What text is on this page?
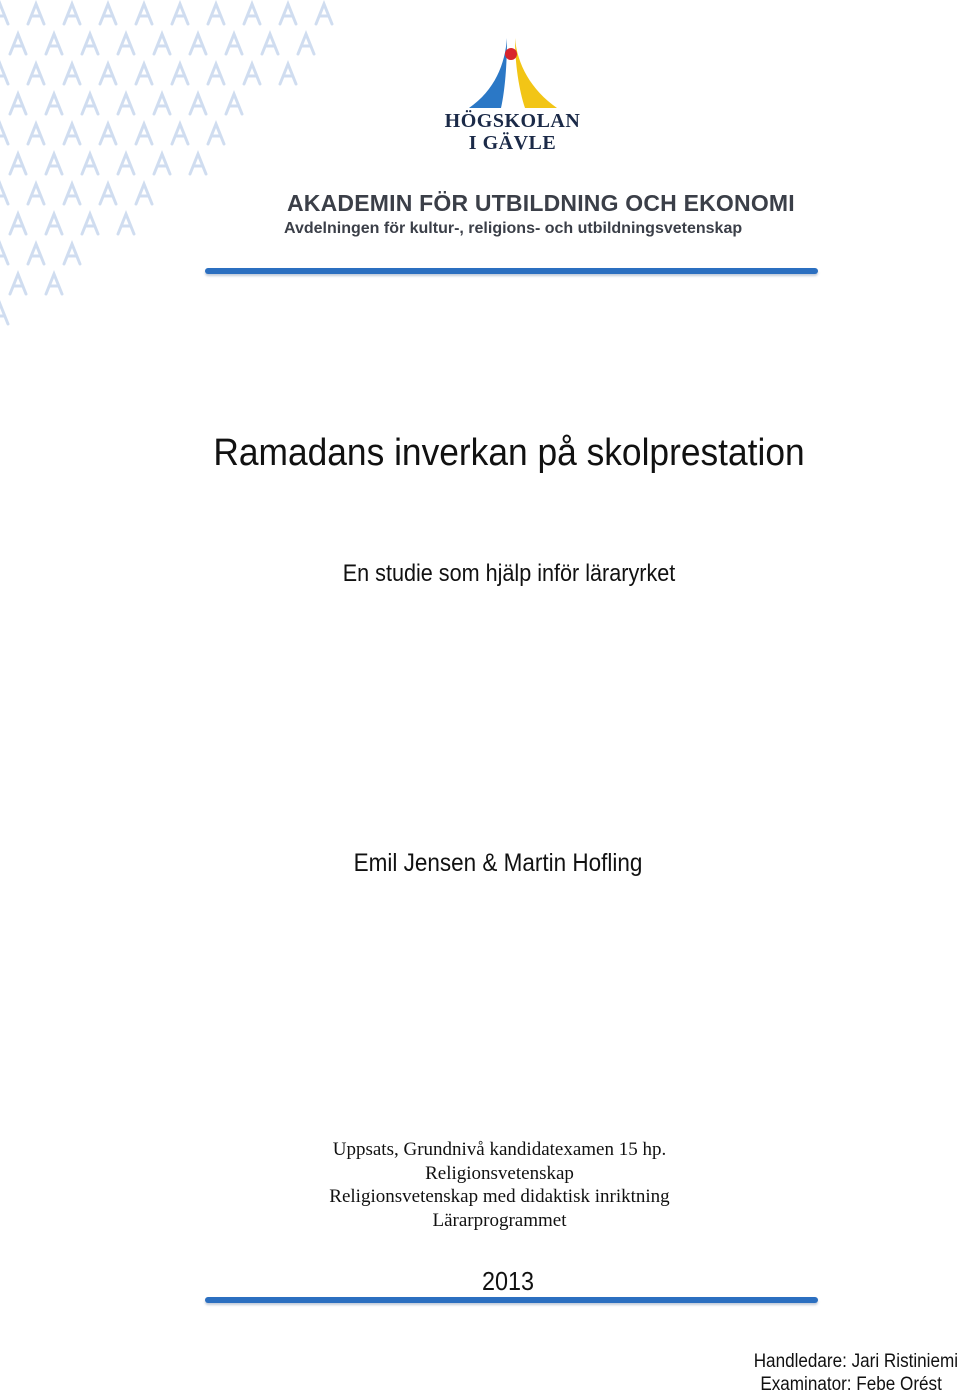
HÖGSKOLAN
I GÄVLE
AKADEMIN FÖR UTBILDNING OCH EKONOMI
Avdelningen för kultur-, religions- och utbildningsvetenskap
Ramadans inverkan på skolprestation
En studie som hjälp inför läraryrket
Emil Jensen & Martin Hofling
Uppsats, Grundnivå kandidatexamen 15 hp.
Religionsvetenskap
Religionsvetenskap med didaktisk inriktning
Lärarprogrammet
2013
Handledare: Jari Ristiniemi
Examinator: Febe Orést
